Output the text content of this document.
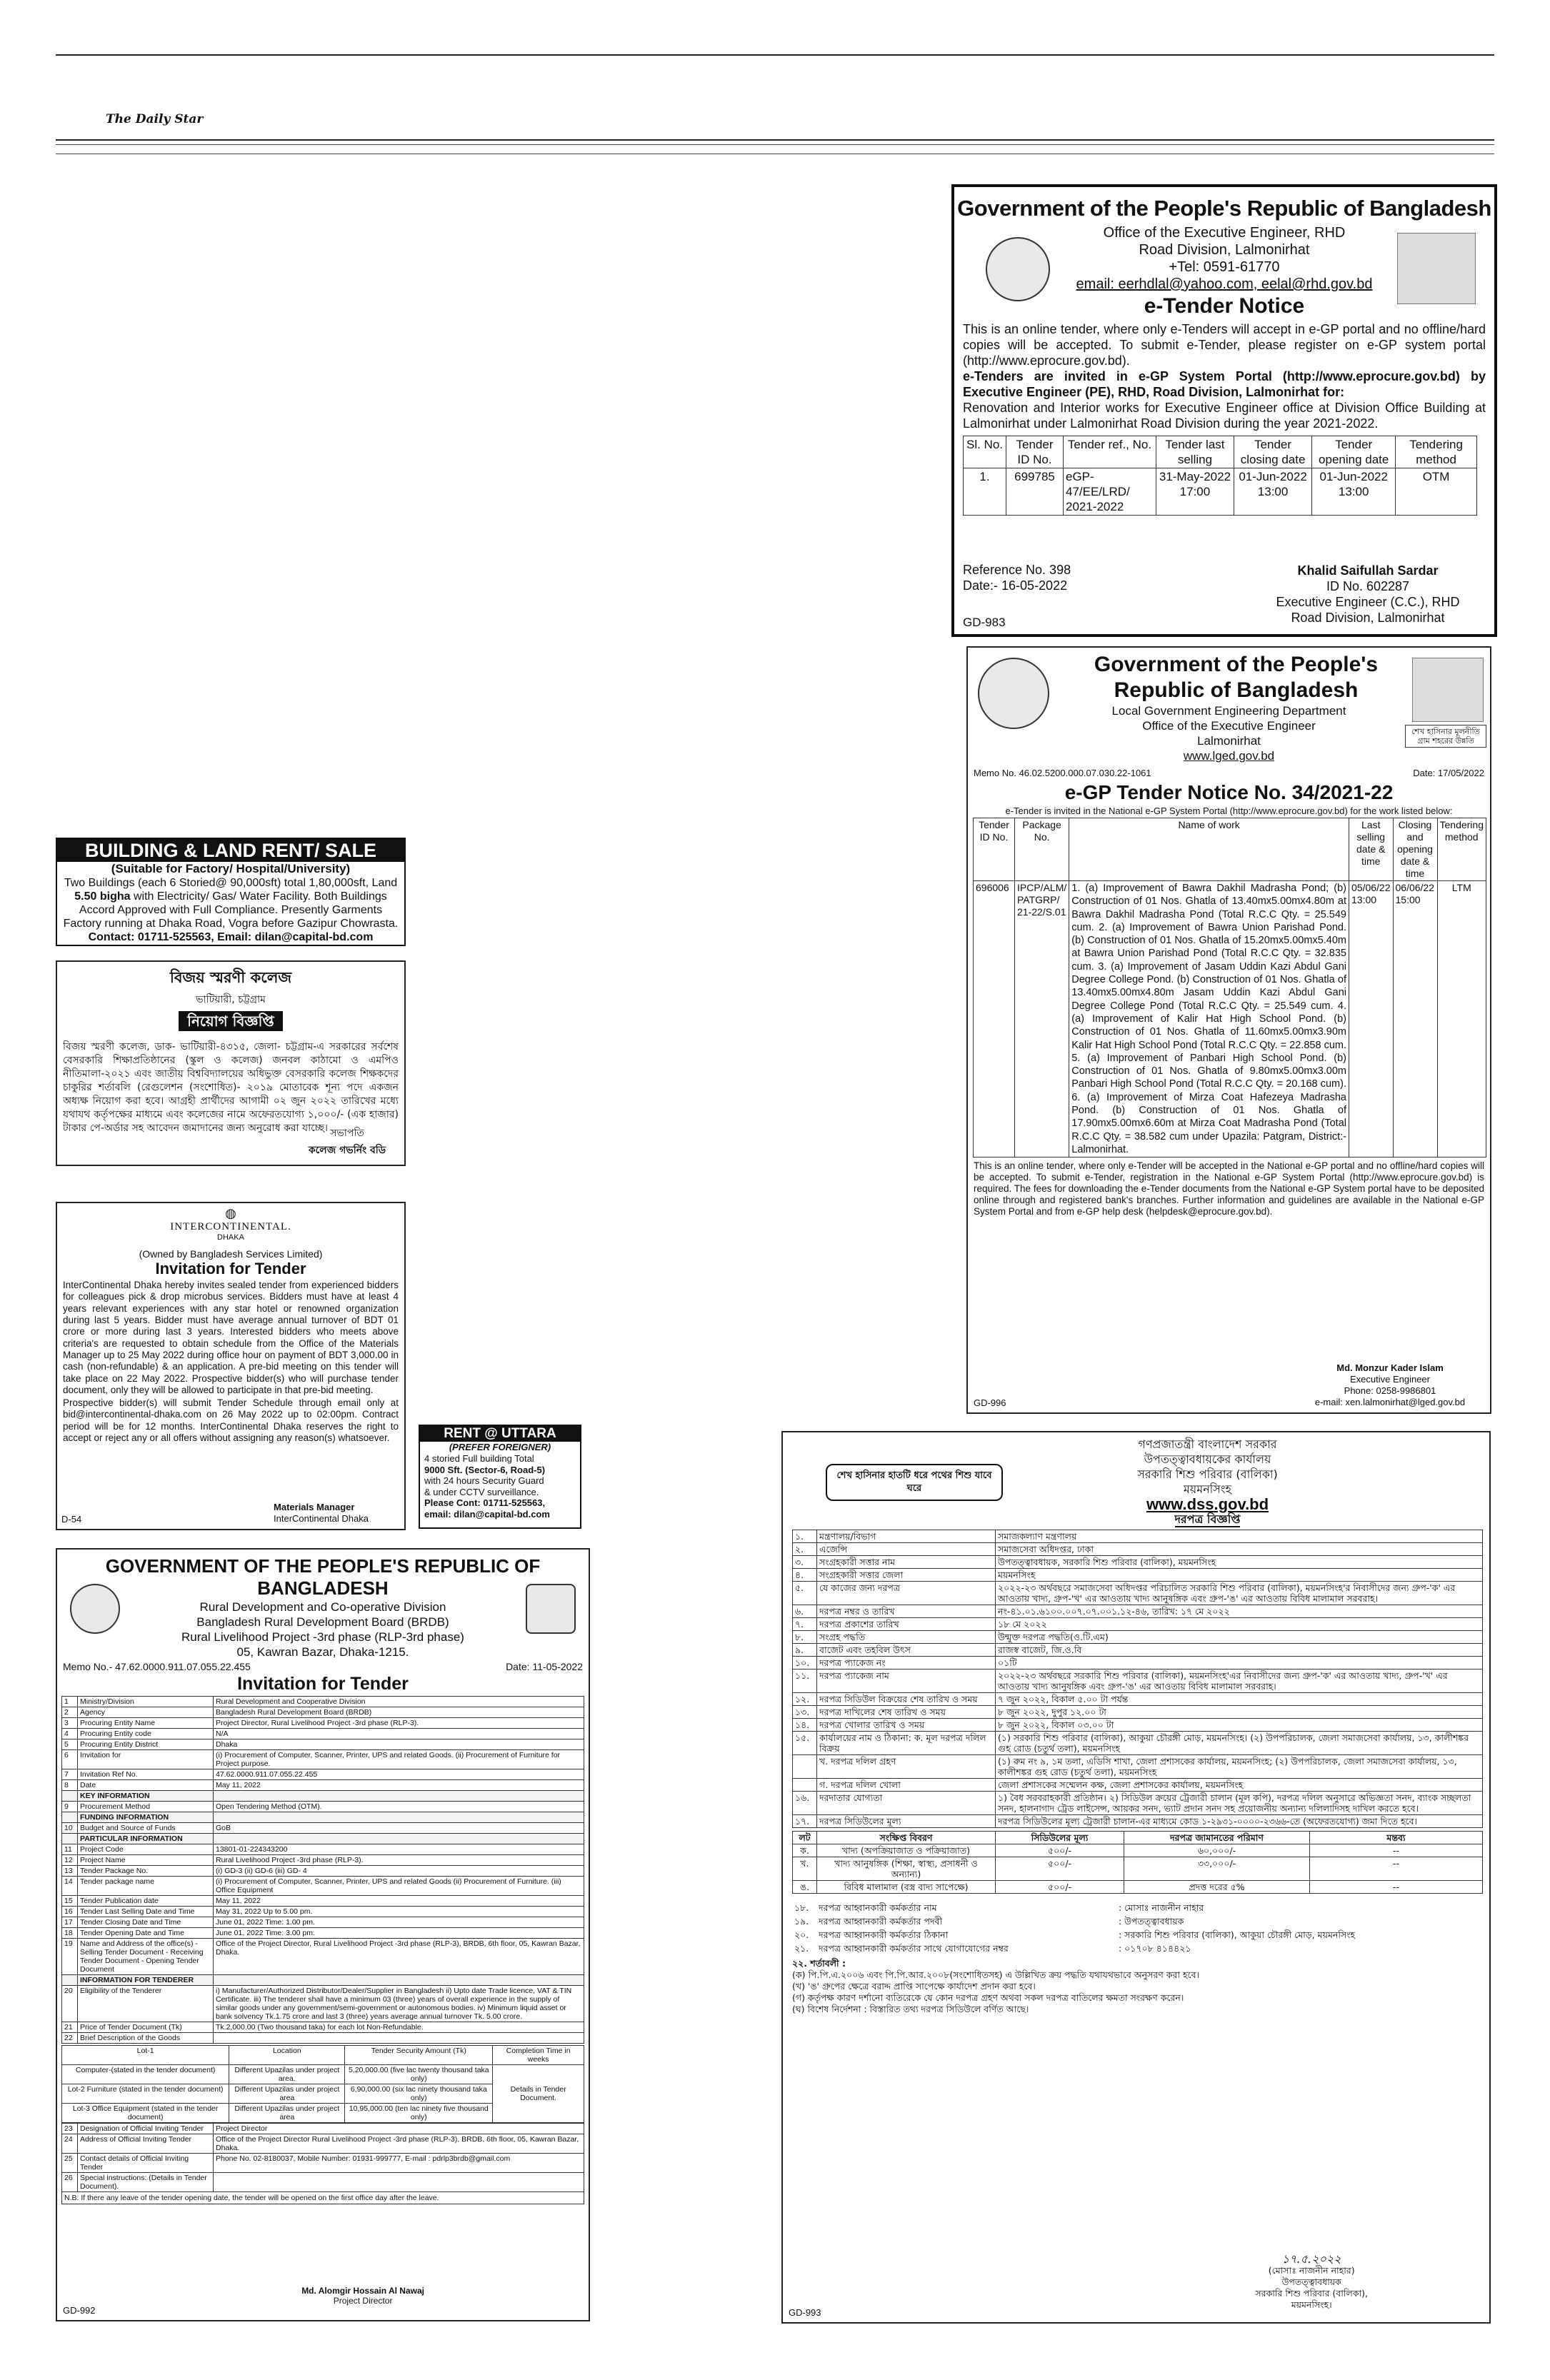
The Daily Star
Government of the People's Republic of Bangladesh
Office of the Executive Engineer, RHD
Road Division, Lalmonirhat
+Tel: 0591-61770
email: eerhdlal@yahoo.com, eelal@rhd.gov.bd
e-Tender Notice
This is an online tender, where only e-Tenders will accept in e-GP portal and no offline/hard copies will be accepted. To submit e-Tender, please register on e-GP system portal (http://www.eprocure.gov.bd).
e-Tenders are invited in e-GP System Portal (http://www.eprocure.gov.bd) by Executive Engineer (PE), RHD, Road Division, Lalmonirhat for:
Renovation and Interior works for Executive Engineer office at Division Office Building at Lalmonirhat under Lalmonirhat Road Division during the year 2021-2022.
Sl. No.	Tender ID No.	Tender ref., No.	Tender last selling	Tender closing date	Tender opening date	Tendering method
1.	699785	eGP-47/EE/LRD/ 2021-2022	31-May-2022 17:00	01-Jun-2022 13:00	01-Jun-2022 13:00	OTM
Reference No. 398
Date:- 16-05-2022
Khalid Saifullah Sardar
ID No. 602287
Executive Engineer (C.C.), RHD
Road Division, Lalmonirhat
GD-983
শেখ হাসিনার মূলনীতি গ্রাম শহরের উন্নতি
Government of the People's Republic of Bangladesh
Local Government Engineering Department
Office of the Executive Engineer
Lalmonirhat
www.lged.gov.bd
Memo No. 46.02.5200.000.07.030.22-1061	Date: 17/05/2022
e-GP Tender Notice No. 34/2021-22
e-Tender is invited in the National e-GP System Portal (http://www.eprocure.gov.bd) for the work listed below:
Tender ID No.	Package No.	Name of work	Last selling date & time	Closing and opening date & time	Tendering method
696006	IPCP/ALM/ PATGRP/ 21-22/S.01	1. (a) Improvement of Bawra Dakhil Madrasha Pond; (b) Construction of 01 Nos. Ghatla of 13.40mx5.00mx4.80m at Bawra Dakhil Madrasha Pond (Total R.C.C Qty. = 25.549 cum. 2. (a) Improvement of Bawra Union Parishad Pond. (b) Construction of 01 Nos. Ghatla of 15.20mx5.00mx5.40m at Bawra Union Parishad Pond (Total R.C.C Qty. = 32.835 cum. 3. (a) Improvement of Jasam Uddin Kazi Abdul Gani Degree College Pond. (b) Construction of 01 Nos. Ghatla of 13.40mx5.00mx4.80m Jasam Uddin Kazi Abdul Gani Degree College Pond (Total R.C.C Qty. = 25.549 cum. 4. (a) Improvement of Kalir Hat High School Pond. (b) Construction of 01 Nos. Ghatla of 11.60mx5.00mx3.90m Kalir Hat High School Pond (Total R.C.C Qty. = 22.858 cum. 5. (a) Improvement of Panbari High School Pond. (b) Construction of 01 Nos. Ghatla of 9.80mx5.00mx3.00m Panbari High School Pond (Total R.C.C Qty. = 20.168 cum). 6. (a) Improvement of Mirza Coat Hafezeya Madrasha Pond. (b) Construction of 01 Nos. Ghatla of 17.90mx5.00mx6.60m at Mirza Coat Madrasha Pond (Total R.C.C Qty. = 38.582 cum under Upazila: Patgram, District:-Lalmonirhat.	05/06/22 13:00	06/06/22 15:00	LTM
This is an online tender, where only e-Tender will be accepted in the National e-GP portal and no offline/hard copies will be accepted. To submit e-Tender, registration in the National e-GP System Portal (http://www.eprocure.gov.bd) is required. The fees for downloading the e-Tender documents from the National e-GP System portal have to be deposited online through and registered bank's branches. Further information and guidelines are available in the National e-GP System Portal and from e-GP help desk (helpdesk@eprocure.gov.bd).
Md. Monzur Kader Islam
Executive Engineer
Phone: 0258-9986801
e-mail: xen.lalmonirhat@lged.gov.bd
GD-996
BUILDING & LAND RENT/ SALE
(Suitable for Factory/ Hospital/University)
Two Buildings (each 6 Storied@ 90,000sft) total 1,80,000sft, Land
5.50 bigha with Electricity/ Gas/ Water Facility. Both Buildings
Accord Approved with Full Compliance. Presently Garments
Factory running at Dhaka Road, Vogra before Gazipur Chowrasta.
Contact: 01711-525563, Email: dilan@capital-bd.com
বিজয় স্মরণী কলেজ
ভাটিয়ারী, চট্টগ্রাম
নিয়োগ বিজ্ঞপ্তি
বিজয় স্মরণী কলেজ, ডাক- ভাটিয়ারী-৪৩১৫, জেলা- চট্টগ্রাম-এ সরকারের সর্বশেষ বেসরকারি শিক্ষাপ্রতিষ্ঠানের (স্কুল ও কলেজ) জনবল কাঠামো ও এমপিও নীতিমালা-২০২১ এবং জাতীয় বিশ্ববিদ্যালয়ের অধিভুক্ত বেসরকারি কলেজ শিক্ষকদের চাকুরির শর্তাবলি (রেগুলেশন (সংশোধিত)- ২০১৯ মোতাবেক শূন্য পদে একজন অধ্যক্ষ নিয়োগ করা হবে। আগ্রহী প্রার্থীদের আগামী ০২ জুন ২০২২ তারিখের মধ্যে যথাযথ কর্তৃপক্ষের মাধ্যমে এবং কলেজের নামে অফেরতযোগ্য ১,০০০/- (এক হাজার) টাকার পে-অর্ডার সহ আবেদন জমাদানের জন্য অনুরোধ করা যাচ্ছে। সভাপতি
কলেজ গভর্নিং বডি
◍
INTERCONTINENTAL.
DHAKA
(Owned by Bangladesh Services Limited)
Invitation for Tender
InterContinental Dhaka hereby invites sealed tender from experienced bidders for colleagues pick & drop microbus services. Bidders must have at least 4 years relevant experiences with any star hotel or renowned organization during last 5 years. Bidder must have average annual turnover of BDT 01 crore or more during last 3 years. Interested bidders who meets above criteria's are requested to obtain schedule from the Office of the Materials Manager up to 25 May 2022 during office hour on payment of BDT 3,000.00 in cash (non-refundable) & an application. A pre-bid meeting on this tender will take place on 22 May 2022. Prospective bidder(s) who will purchase tender document, only they will be allowed to participate in that pre-bid meeting.
Prospective bidder(s) will submit Tender Schedule through email only at bid@intercontinental-dhaka.com on 26 May 2022 up to 02:00pm. Contract period will be for 12 months. InterContinental Dhaka reserves the right to accept or reject any or all offers without assigning any reason(s) whatsoever.
Materials Manager
InterContinental Dhaka
D-54
RENT @ UTTARA
(PREFER FOREIGNER)
4 storied Full building Total
9000 Sft. (Sector-6, Road-5)
with 24 hours Security Guard
& under CCTV surveillance.
Please Cont: 01711-525563,
email: dilan@capital-bd.com
GOVERNMENT OF THE PEOPLE'S REPUBLIC OF BANGLADESH
Rural Development and Co-operative Division
Bangladesh Rural Development Board (BRDB)
Rural Livelihood Project -3rd phase (RLP-3rd phase)
05, Kawran Bazar, Dhaka-1215.
Memo No.- 47.62.0000.911.07.055.22.455	Date: 11-05-2022
Invitation for Tender
1	Ministry/Division	Rural Development and Cooperative Division
2	Agency	Bangladesh Rural Development Board (BRDB)
3	Procuring Entity Name	Project Director, Rural Livelihood Project -3rd phase (RLP-3).
4	Procuring Entity code	N/A
5	Procuring Entity District	Dhaka
6	Invitation for	(i) Procurement of Computer, Scanner, Printer, UPS and related Goods. (ii) Procurement of Furniture for Project purpose.
7	Invitation Ref No.	47.62.0000.911.07.055.22.455
8	Date	May 11, 2022
	KEY INFORMATION	
9	Procurement Method	Open Tendering Method (OTM).
	FUNDING INFORMATION	
10	Budget and Source of Funds	GoB
	PARTICULAR INFORMATION	
11	Project Code	13801-01-224343200
12	Project Name	Rural Livelihood Project -3rd phase (RLP-3).
13	Tender Package No.	(i) GD-3 (ii) GD-6 (iii) GD- 4
14	Tender package name	(i) Procurement of Computer, Scanner, Printer, UPS and related Goods (ii) Procurement of Furniture. (iii) Office Equipment
15	Tender Publication date	May 11, 2022
16	Tender Last Selling Date and Time	May 31, 2022 Up to 5.00 pm.
17	Tender Closing Date and Time	June 01, 2022 Time: 1.00 pm.
18	Tender Opening Date and Time	June 01, 2022 Time: 3.00 pm.
19	Name and Address of the office(s) - Selling Tender Document - Receiving Tender Document - Opening Tender Document	Office of the Project Director, Rural Livelihood Project -3rd phase (RLP-3), BRDB, 6th floor, 05, Kawran Bazar, Dhaka.
	INFORMATION FOR TENDERER	
20	Eligibility of the Tenderer	i) Manufacturer/Authorized Distributor/Dealer/Supplier in Bangladesh ii) Upto date Trade licence, VAT & TIN Certificate. iii) The tenderer shall have a minimum 03 (three) years of overall experience in the supply of similar goods under any government/semi-government or autonomous bodies. iv) Minimum liquid asset or bank solvency Tk.1.75 crore and last 3 (three) years average annual turnover Tk. 5.00 crore.
21	Price of Tender Document (Tk)	Tk.2,000.00 (Two thousand taka) for each lot Non-Refundable.
22	Brief Description of the Goods	
Lot-1	Location	Tender Security Amount (Tk)	Completion Time in weeks
Computer-(stated in the tender document)	Different Upazilas under project area.	5,20,000.00 (five lac twenty thousand taka only)	Details in Tender Document.
Lot-2 Furniture (stated in the tender document)	Different Upazilas under project area	6,90,000.00 (six lac ninety thousand taka only)	
Lot-3 Office Equipment (stated in the tender document)	Different Upazilas under project area	10,95,000.00 (ten lac ninety five thousand only)	
23	Designation of Official Inviting Tender	Project Director
24	Address of Official Inviting Tender	Office of the Project Director Rural Livelihood Project -3rd phase (RLP-3), BRDB, 6th floor, 05, Kawran Bazar, Dhaka.
25	Contact details of Official Inviting Tender	Phone No. 02-8180037, Mobile Number: 01931-999777, E-mail : pdrlp3brdb@gmail.com
26	Special instructions: (Details in Tender Document).	
N.B: If there any leave of the tender opening date, the tender will be opened on the first office day after the leave.
Md. Alomgir Hossain Al Nawaj
Project Director
GD-992
শেখ হাসিনার হাতটি ধরে পথের শিশু যাবে ঘরে
গণপ্রজাতন্ত্রী বাংলাদেশ সরকার
উপতত্ত্বাবধায়কের কার্যালয়
সরকারি শিশু পরিবার (বালিকা)
ময়মনসিংহ
www.dss.gov.bd
দরপত্র বিজ্ঞপ্তি
১.	মন্ত্রণালয়/বিভাগ	সমাজকল্যাণ মন্ত্রণালয়
২.	এজেন্সি	সমাজসেবা অধিদপ্তর, ঢাকা
৩.	সংগ্রহকারী সত্তার নাম	উপতত্ত্বাবধায়ক, সরকারি শিশু পরিবার (বালিকা), ময়মনসিংহ
৪.	সংগ্রহকারী সত্তার জেলা	ময়মনসিংহ
৫.	যে কাজের জন্য দরপত্র	২০২২-২৩ অর্থবছরে সমাজসেবা অধিদপ্তর পরিচালিত সরকারি শিশু পরিবার (বালিকা), ময়মনসিংহ'র নিবাসীদের জন্য গ্রুপ-'ক' এর আওতায় খাদ্য, গ্রুপ-'খ' এর আওতায় খাদ্য আনুষঙ্গিক এবং গ্রুপ-'ঙ' এর আওতায় বিবিধ মালামাল সরবরাহ।
৬.	দরপত্র নম্বর ও তারিখ	নং-৪১.০১.৬১০০.০০৭.০৭.০০১.১২-৪৬, তারিখ: ১৭ মে ২০২২
৭.	দরপত্র প্রকাশের তারিখ	১৮ মে ২০২২
৮.	সংগ্রহ পদ্ধতি	উন্মুক্ত দরপত্র পদ্ধতি(ও.টি.এম)
৯.	বাজেট এবং তহবিল উৎস	রাজস্ব বাজেট, জি.ও.বি
১০.	দরপত্র প্যাকেজ নং	০১টি
১১.	দরপত্র প্যাকেজ নাম	২০২২-২৩ অর্থবছরে সরকারি শিশু পরিবার (বালিকা), ময়মনসিংহ'এর নিবাসীদের জন্য গ্রুপ-'ক' এর আওতায় খাদ্য, গ্রুপ-'খ' এর আওতায় খাদ্য আনুষঙ্গিক এবং গ্রুপ-'ঙ' এর আওতায় বিবিধ মালামাল সরবরাহ।
১২.	দরপত্র সিডিউল বিক্রয়ের শেষ তারিখ ও সময়	৭ জুন ২০২২, বিকাল ৫.০০ টা পর্যন্ত
১৩.	দরপত্র দাখিলের শেষ তারিখ ও সময়	৮ জুন ২০২২, দুপুর ১২.০০ টা
১৪.	দরপত্র খোলার তারিখ ও সময়	৮ জুন ২০২২, বিকাল ০৩.০০ টা
১৫.	কার্যালয়ের নাম ও ঠিকানা: ক. মূল দরপত্র দলিল বিক্রয়	(১) সরকারি শিশু পরিবার (বালিকা), আকুয়া চৌরঙ্গী মোড়, ময়মনসিংহ। (২) উপপরিচালক, জেলা সমাজসেবা কার্যালয়, ১৩, কালীশঙ্কর গুহ রোড (চতুর্থ তলা), ময়মনসিংহ
	খ. দরপত্র দলিল গ্রহণ	(১) রুম নং ৯, ১ম তলা, এডিসি শাখা, জেলা প্রশাসকের কার্যালয়, ময়মনসিংহ; (২) উপপরিচালক, জেলা সমাজসেবা কার্যালয়, ১৩, কালীশঙ্কর গুহ রোড (চতুর্থ তলা), ময়মনসিংহ
	গ. দরপত্র দলিল খোলা	জেলা প্রশাসকের সম্মেলন কক্ষ, জেলা প্রশাসকের কার্যালয়, ময়মনসিংহ
১৬.	দরদাতার যোগ্যতা	১) বৈধ সরবরাহকারী প্রতিষ্ঠান। ২) সিডিউল ক্রয়ের ট্রেজারী চালান (মূল কপি), দরপত্র দলিল অনুসারে অভিজ্ঞতা সনদ, ব্যাংক সচ্ছলতা সনদ, হালনাগাদ ট্রেড লাইসেন্স, আয়কর সনদ, ভ্যাট প্রদান সনদ সহ প্রয়োজনীয় অন্যান্য দলিলাদিসহ দাখিল করতে হবে।
১৭.	দরপত্র সিডিউলের মূল্য	দরপত্র সিডিউলের মূল্য ট্রেজারী চালান-এর মাধ্যমে কোড ১-২৯৩১-০০০০-২৩৬৬-তে (অফেরতযোগ্য) জমা দিতে হবে।
লট	সংক্ষিপ্ত বিবরণ	সিডিউলের মূল্য	দরপত্র জামানতের পরিমাণ	মন্তব্য
ক.	খাদ্য (অপক্রিয়াজাত ও পক্রিয়াজাত)	৫০০/-	৬০,০০০/-	--
খ.	খাদ্য আনুষঙ্গিক (শিক্ষা, স্বাস্থ্য, প্রসাধনী ও অন্যান্য)	৫০০/-	৩৩,০০০/-	--
ঙ.	বিবিধ মালামাল (বস্ত্র বাদ্য সাপেক্ষে)	৫০০/-	প্রদত্ত দরের ৫%	--
১৮.	দরপত্র আহ্বানকারী কর্মকর্তার নাম	: মোসাঃ নাজনীন নাহার
১৯.	দরপত্র আহ্বানকারী কর্মকর্তার পদবী	: উপতত্ত্বাবধায়ক
২০.	দরপত্র আহ্বানকারী কর্মকর্তার ঠিকানা	: সরকারি শিশু পরিবার (বালিকা), আকুয়া চৌরঙ্গী মোড়, ময়মনসিংহ
২১.	দরপত্র আহ্বানকারী কর্মকর্তার সাথে যোগাযোগের নম্বর	: ০১৭০৮ ৪১৪৪২১
২২. শর্তাবলী :
(ক) পি.পি.এ.২০০৬ এবং পি.পি.আর.২০০৮(সংশোধিতসহ) এ উল্লিখিত ক্রয় পদ্ধতি যথাযথভাবে অনুসরণ করা হবে।
(খ) 'ঙ' গ্রুপের ক্ষেত্রে বরাদ্দ প্রাপ্তি সাপেক্ষে কার্যাদেশ প্রদান করা হবে।
(গ) কর্তৃপক্ষ কারণ দর্শানো ব্যতিরেকে যে কোন দরপত্র গ্রহণ অথবা সকল দরপত্র বাতিলের ক্ষমতা সংরক্ষণ করেন।
(ঘ) বিশেষ নির্দেশনা : বিস্তারিত তথ্য দরপত্র সিডিউলে বর্ণিত আছে।
১৭.৫.২০২২
(মোসাঃ নাজনীন নাহার)
উপতত্ত্বাবধায়ক
সরকারি শিশু পরিবার (বালিকা),
ময়মনসিংহ।
GD-993
